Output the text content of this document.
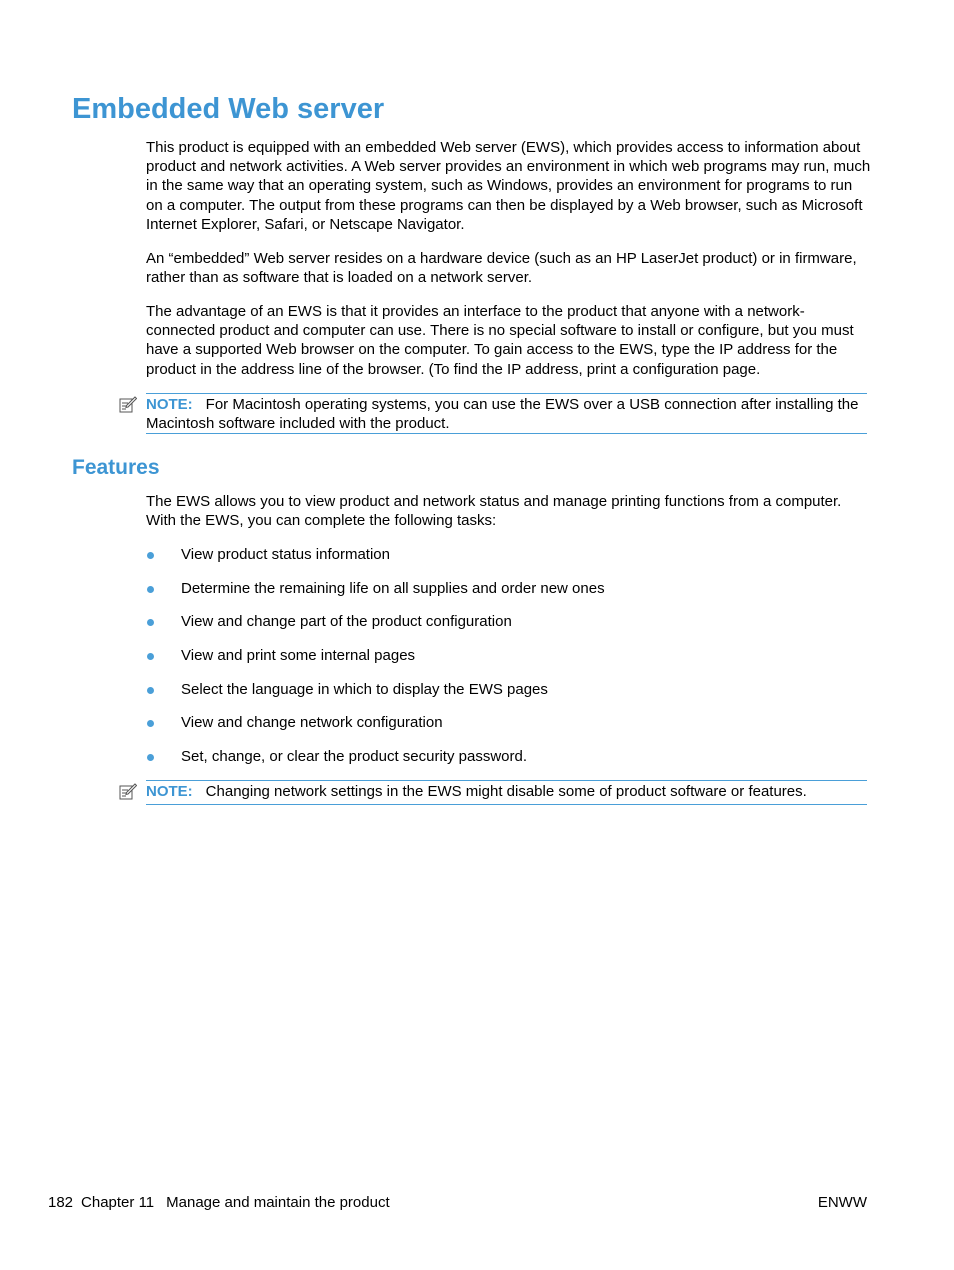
Embedded Web server

This product is equipped with an embedded Web server (EWS), which provides access to information about product and network activities. A Web server provides an environment in which web programs may run, much in the same way that an operating system, such as Windows, provides an environment for programs to run on a computer. The output from these programs can then be displayed by a Web browser, such as Microsoft Internet Explorer, Safari, or Netscape Navigator.

An “embedded” Web server resides on a hardware device (such as an HP LaserJet product) or in firmware, rather than as software that is loaded on a network server.

The advantage of an EWS is that it provides an interface to the product that anyone with a network-connected product and computer can use. There is no special software to install or configure, but you must have a supported Web browser on the computer. To gain access to the EWS, type the IP address for the product in the address line of the browser. (To find the IP address, print a configuration page.

NOTE: For Macintosh operating systems, you can use the EWS over a USB connection after installing the Macintosh software included with the product.
Features

The EWS allows you to view product and network status and manage printing functions from a computer. With the EWS, you can complete the following tasks:

View product status information
Determine the remaining life on all supplies and order new ones
View and change part of the product configuration
View and print some internal pages
Select the language in which to display the EWS pages
View and change network configuration
Set, change, or clear the product security password.
NOTE: Changing network settings in the EWS might disable some of product software or features.
182 Chapter 11 Manage and maintain the product	ENWW
